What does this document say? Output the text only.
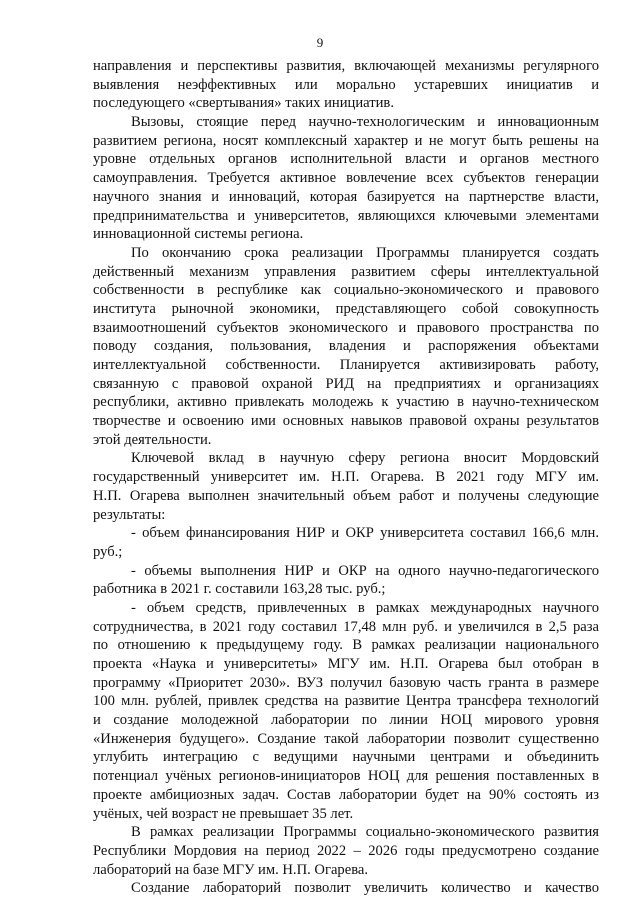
9
направления и перспективы развития, включающей механизмы регулярного
выявления неэффективных или морально устаревших инициатив и
последующего «свертывания» таких инициатив.
Вызовы, стоящие перед научно-технологическим и инновационным
развитием региона, носят комплексный характер и не могут быть решены на
уровне отдельных органов исполнительной власти и органов местного
самоуправления. Требуется активное вовлечение всех субъектов генерации
научного знания и инноваций, которая базируется на партнерстве власти,
предпринимательства и университетов, являющихся ключевыми элементами
инновационной системы региона.
По окончанию срока реализации Программы планируется создать
действенный механизм управления развитием сферы интеллектуальной
собственности в республике как социально-экономического и правового
института рыночной экономики, представляющего собой совокупность
взаимоотношений субъектов экономического и правового пространства по
поводу создания, пользования, владения и распоряжения объектами
интеллектуальной собственности. Планируется активизировать работу,
связанную с правовой охраной РИД на предприятиях и организациях
республики, активно привлекать молодежь к участию в научно-техническом
творчестве и освоению ими основных навыков правовой охраны результатов
этой деятельности.
Ключевой вклад в научную сферу региона вносит Мордовский
государственный университет им. Н.П. Огарева. В 2021 году МГУ им.
Н.П. Огарева выполнен значительный объем работ и получены следующие
результаты:
- объем финансирования НИР и ОКР университета составил 166,6 млн.
руб.;
- объемы выполнения НИР и ОКР на одного научно-педагогического
работника в 2021 г. составили 163,28 тыс. руб.;
- объем средств, привлеченных в рамках международных научного
сотрудничества, в 2021 году составил 17,48 млн руб. и увеличился в 2,5 раза
по отношению к предыдущему году. В рамках реализации национального
проекта «Наука и университеты» МГУ им. Н.П. Огарева был отобран в
программу «Приоритет 2030». ВУЗ получил базовую часть гранта в размере
100 млн. рублей, привлек средства на развитие Центра трансфера технологий
и создание молодежной лаборатории по линии НОЦ мирового уровня
«Инженерия будущего». Создание такой лаборатории позволит существенно
углубить интеграцию с ведущими научными центрами и объединить
потенциал учёных регионов-инициаторов НОЦ для решения поставленных в
проекте амбициозных задач. Состав лаборатории будет на 90% состоять из
учёных, чей возраст не превышает 35 лет.
В рамках реализации Программы социально-экономического развития
Республики Мордовия на период 2022 – 2026 годы предусмотрено создание
лабораторий на базе МГУ им. Н.П. Огарева.
Создание лабораторий позволит увеличить количество и качество
